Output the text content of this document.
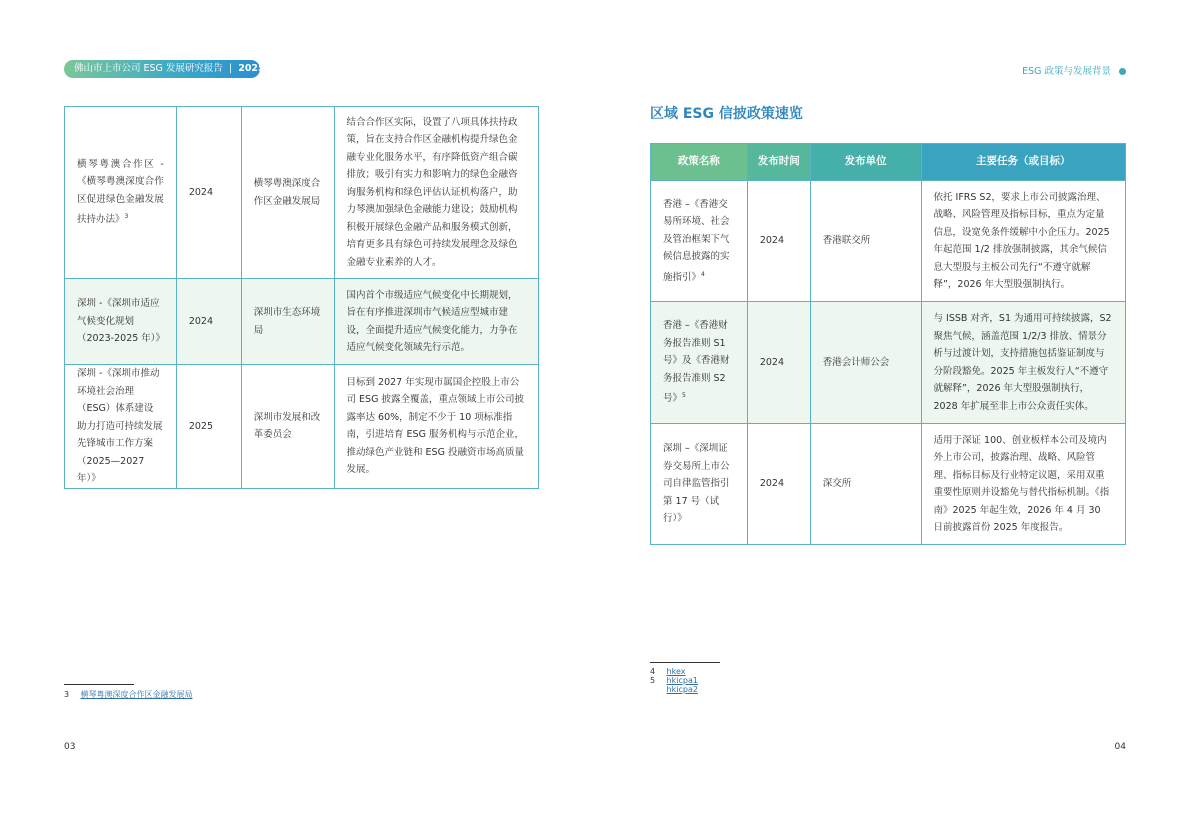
佛山市上市公司 ESG 发展研究报告 | 2025	ESG 政策与发展背景
横琴粤澳合作区 -《横琴粤澳深度合作区促进绿色金融发展扶持办法》$^3$	2024	横琴粤澳深度合作区金融发展局	结合合作区实际，设置了八项具体扶持政策，旨在支持合作区金融机构提升绿色金融专业化服务水平，有序降低资产组合碳排放；吸引有实力和影响力的绿色金融咨询服务机构和绿色评估认证机构落户，助力琴澳加强绿色金融能力建设；鼓励机构积极开展绿色金融产品和服务模式创新，培育更多具有绿色可持续发展理念及绿色金融专业素养的人才。
深圳 -《深圳市适应气候变化规划（2023-2025 年）》	2024	深圳市生态环境局	国内首个市级适应气候变化中长期规划，旨在有序推进深圳市气候适应型城市建设，全面提升适应气候变化能力，力争在适应气候变化领域先行示范。
深圳 -《深圳市推动环境社会治理（ESG）体系建设 助力打造可持续发展先锋城市工作方案（2025—2027 年）》	2025	深圳市发展和改革委员会	目标到 2027 年实现市属国企控股上市公司 ESG 披露全覆盖，重点领域上市公司披露率达 60%，制定不少于 10 项标准指南，引进培育 ESG 服务机构与示范企业，推动绿色产业链和 ESG 投融资市场高质量发展。
区域 ESG 信披政策速览
政策名称	发布时间	发布单位	主要任务（或目标）
香港 –《香港交易所环境、社会及管治框架下气候信息披露的实施指引》$^4$	2024	香港联交所	依托 IFRS S2，要求上市公司披露治理、战略、风险管理及指标目标，重点为定量信息，设宽免条件缓解中小企压力。2025 年起范围 1/2 排放强制披露，其余气候信息大型股与主板公司先行“不遵守就解释”，2026 年大型股强制执行。
香港 –《香港财务报告准则 S1 号》及《香港财务报告准则 S2 号》$^5$	2024	香港会计师公会	与 ISSB 对齐，S1 为通用可持续披露，S2 聚焦气候，涵盖范围 1/2/3 排放、情景分析与过渡计划，支持措施包括鉴证制度与分阶段豁免。2025 年主板发行人“不遵守就解释”，2026 年大型股强制执行，2028 年扩展至非上市公众责任实体。
深圳 –《深圳证券交易所上市公司自律监管指引第 17 号（试行）》	2024	深交所	适用于深证 100、创业板样本公司及境内外上市公司，披露治理、战略、风险管理、指标目标及行业特定议题，采用双重重要性原则并设豁免与替代指标机制。《指南》2025 年起生效，2026 年 4 月 30 日前披露首份 2025 年度报告。
3 横琴粤澳深度合作区金融发展局
4 hkex
5 hkicpa1
hkicpa2
03	04
